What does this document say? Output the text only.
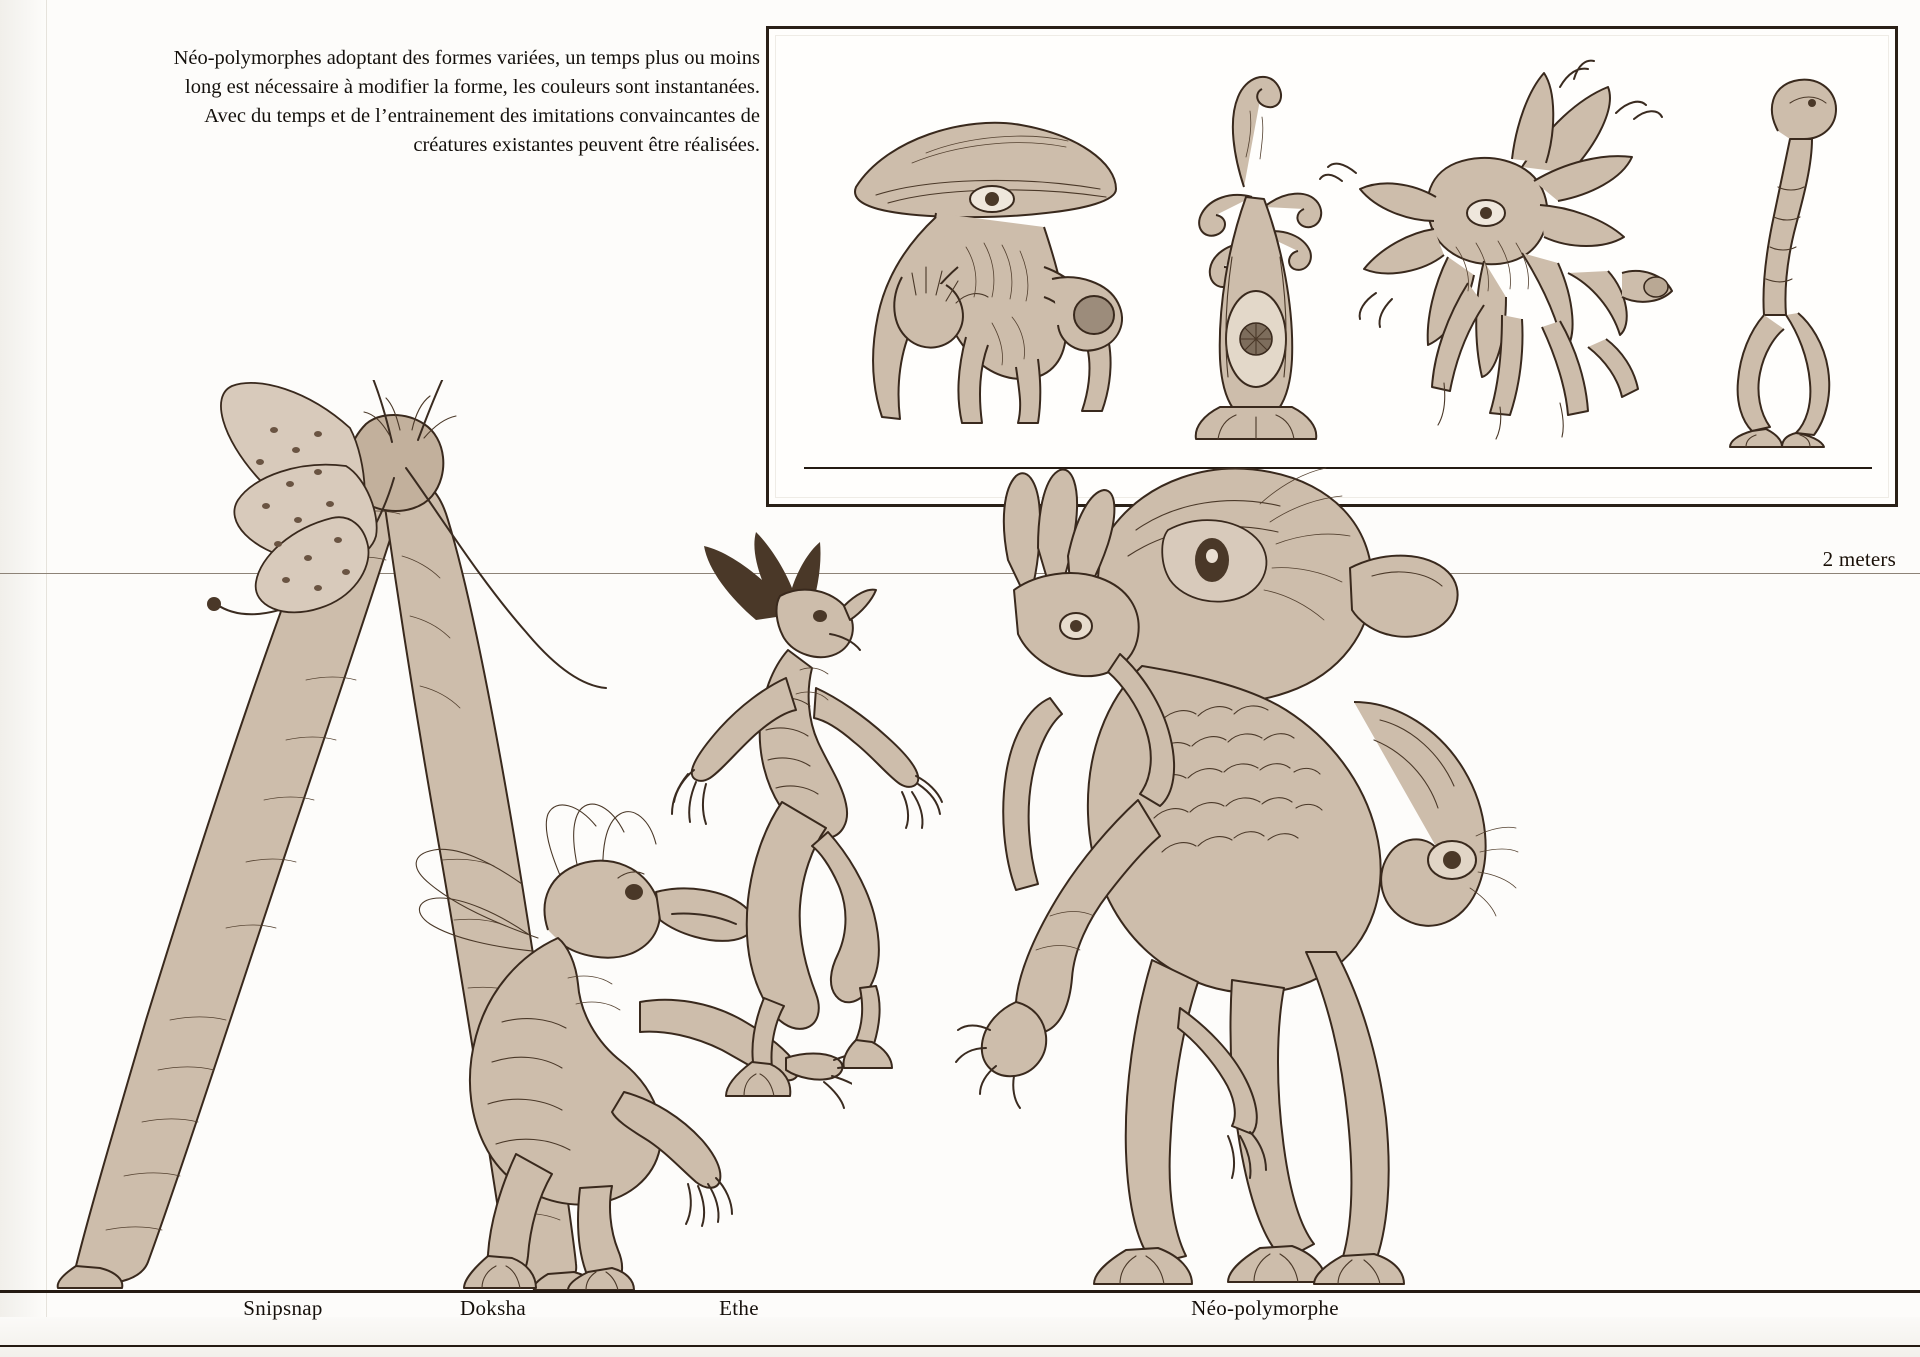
Néo-polymorphes adoptant des formes variées, un temps plus ou moins long est nécessaire à modifier la forme, les couleurs sont instantanées. Avec du temps et de l’entrainement des imitations convaincantes de créatures existantes peuvent être réalisées.

2 meters
Snipsnap	Doksha	Ethe	Néo-polymorphe
